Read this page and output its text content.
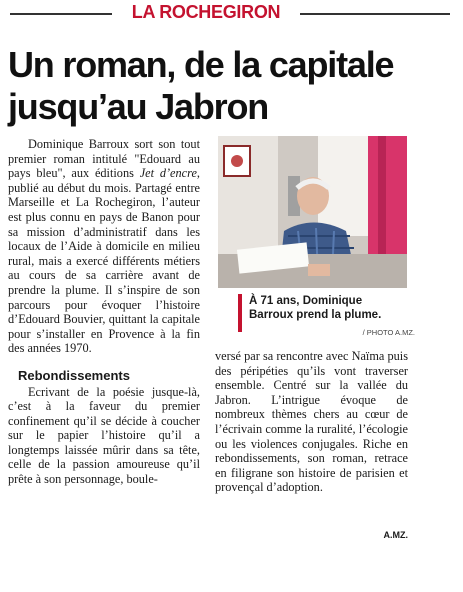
LA ROCHEGIRON
Un roman, de la capitale jusqu’au Jabron

Dominique Barroux sort son tout premier roman intitulé "Edouard au pays bleu", aux éditions Jet d’encre, publié au début du mois. Partagé entre Marseille et La Rochegiron, l’auteur est plus connu en pays de Banon pour sa mission d’administratif dans les locaux de l’Aide à domicile en milieu rural, mais a exercé différents métiers au cours de sa carrière avant de prendre la plume. Il s’inspire de son parcours pour évoquer l’histoire d’Edouard Bouvier, quittant la capitale pour s’installer en Provence à la fin des années 1970.

Rebondissements

Ecrivant de la poésie jusque-là, c’est à la faveur du premier confinement qu’il se décide à coucher sur le papier l’histoire qu’il a longtemps laissée mûrir dans sa tête, celle de la passion amoureuse qu’il prête à son personnage, boule-

À 71 ans, Dominique Barroux prend la plume.
/ PHOTO A.MZ.

versé par sa rencontre avec Naïma puis des péripéties qu’ils vont traverser ensemble. Centré sur la vallée du Jabron. L’intrigue évoque de nombreux thèmes chers au cœur de l’écrivain comme la ruralité, l’écologie ou les violences conjugales. Riche en rebondissements, son roman, retrace en filigrane son histoire de parisien et provençal d’adoption.

A.MZ.
